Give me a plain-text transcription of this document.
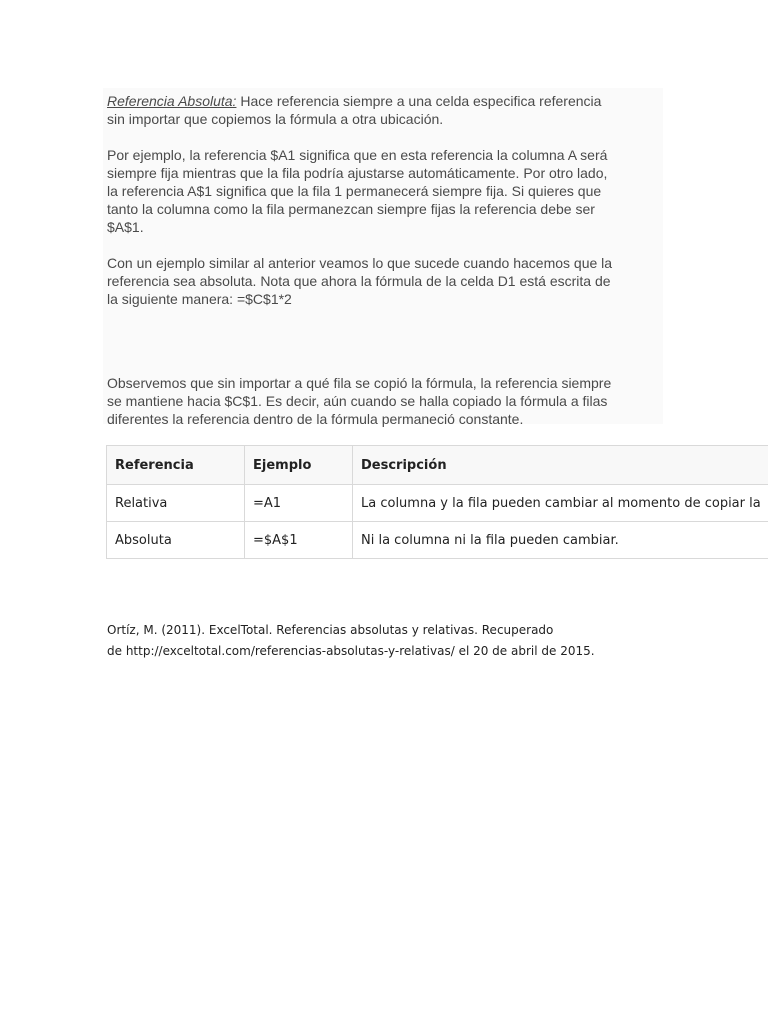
Referencia Absoluta: Hace referencia siempre a una celda especifica referencia
sin importar que copiemos la fórmula a otra ubicación.

Por ejemplo, la referencia $A1 significa que en esta referencia la columna A será
siempre fija mientras que la fila podría ajustarse automáticamente. Por otro lado,
la referencia A$1 significa que la fila 1 permanecerá siempre fija. Si quieres que
tanto la columna como la fila permanezcan siempre fijas la referencia debe ser
$A$1.

Con un ejemplo similar al anterior veamos lo que sucede cuando hacemos que la
referencia sea absoluta. Nota que ahora la fórmula de la celda D1 está escrita de
la siguiente manera: =$C$1*2

Observemos que sin importar a qué fila se copió la fórmula, la referencia siempre
se mantiene hacia $C$1. Es decir, aún cuando se halla copiado la fórmula a filas
diferentes la referencia dentro de la fórmula permaneció constante.

Referencia	Ejemplo	Descripción
Relativa	=A1	La columna y la fila pueden cambiar al momento de copiar la
Absoluta	=$A$1	Ni la columna ni la fila pueden cambiar.
Ortíz, M. (2011). ExcelTotal. Referencias absolutas y relativas. Recuperado
de http://exceltotal.com/referencias-absolutas-y-relativas/ el 20 de abril de 2015.
